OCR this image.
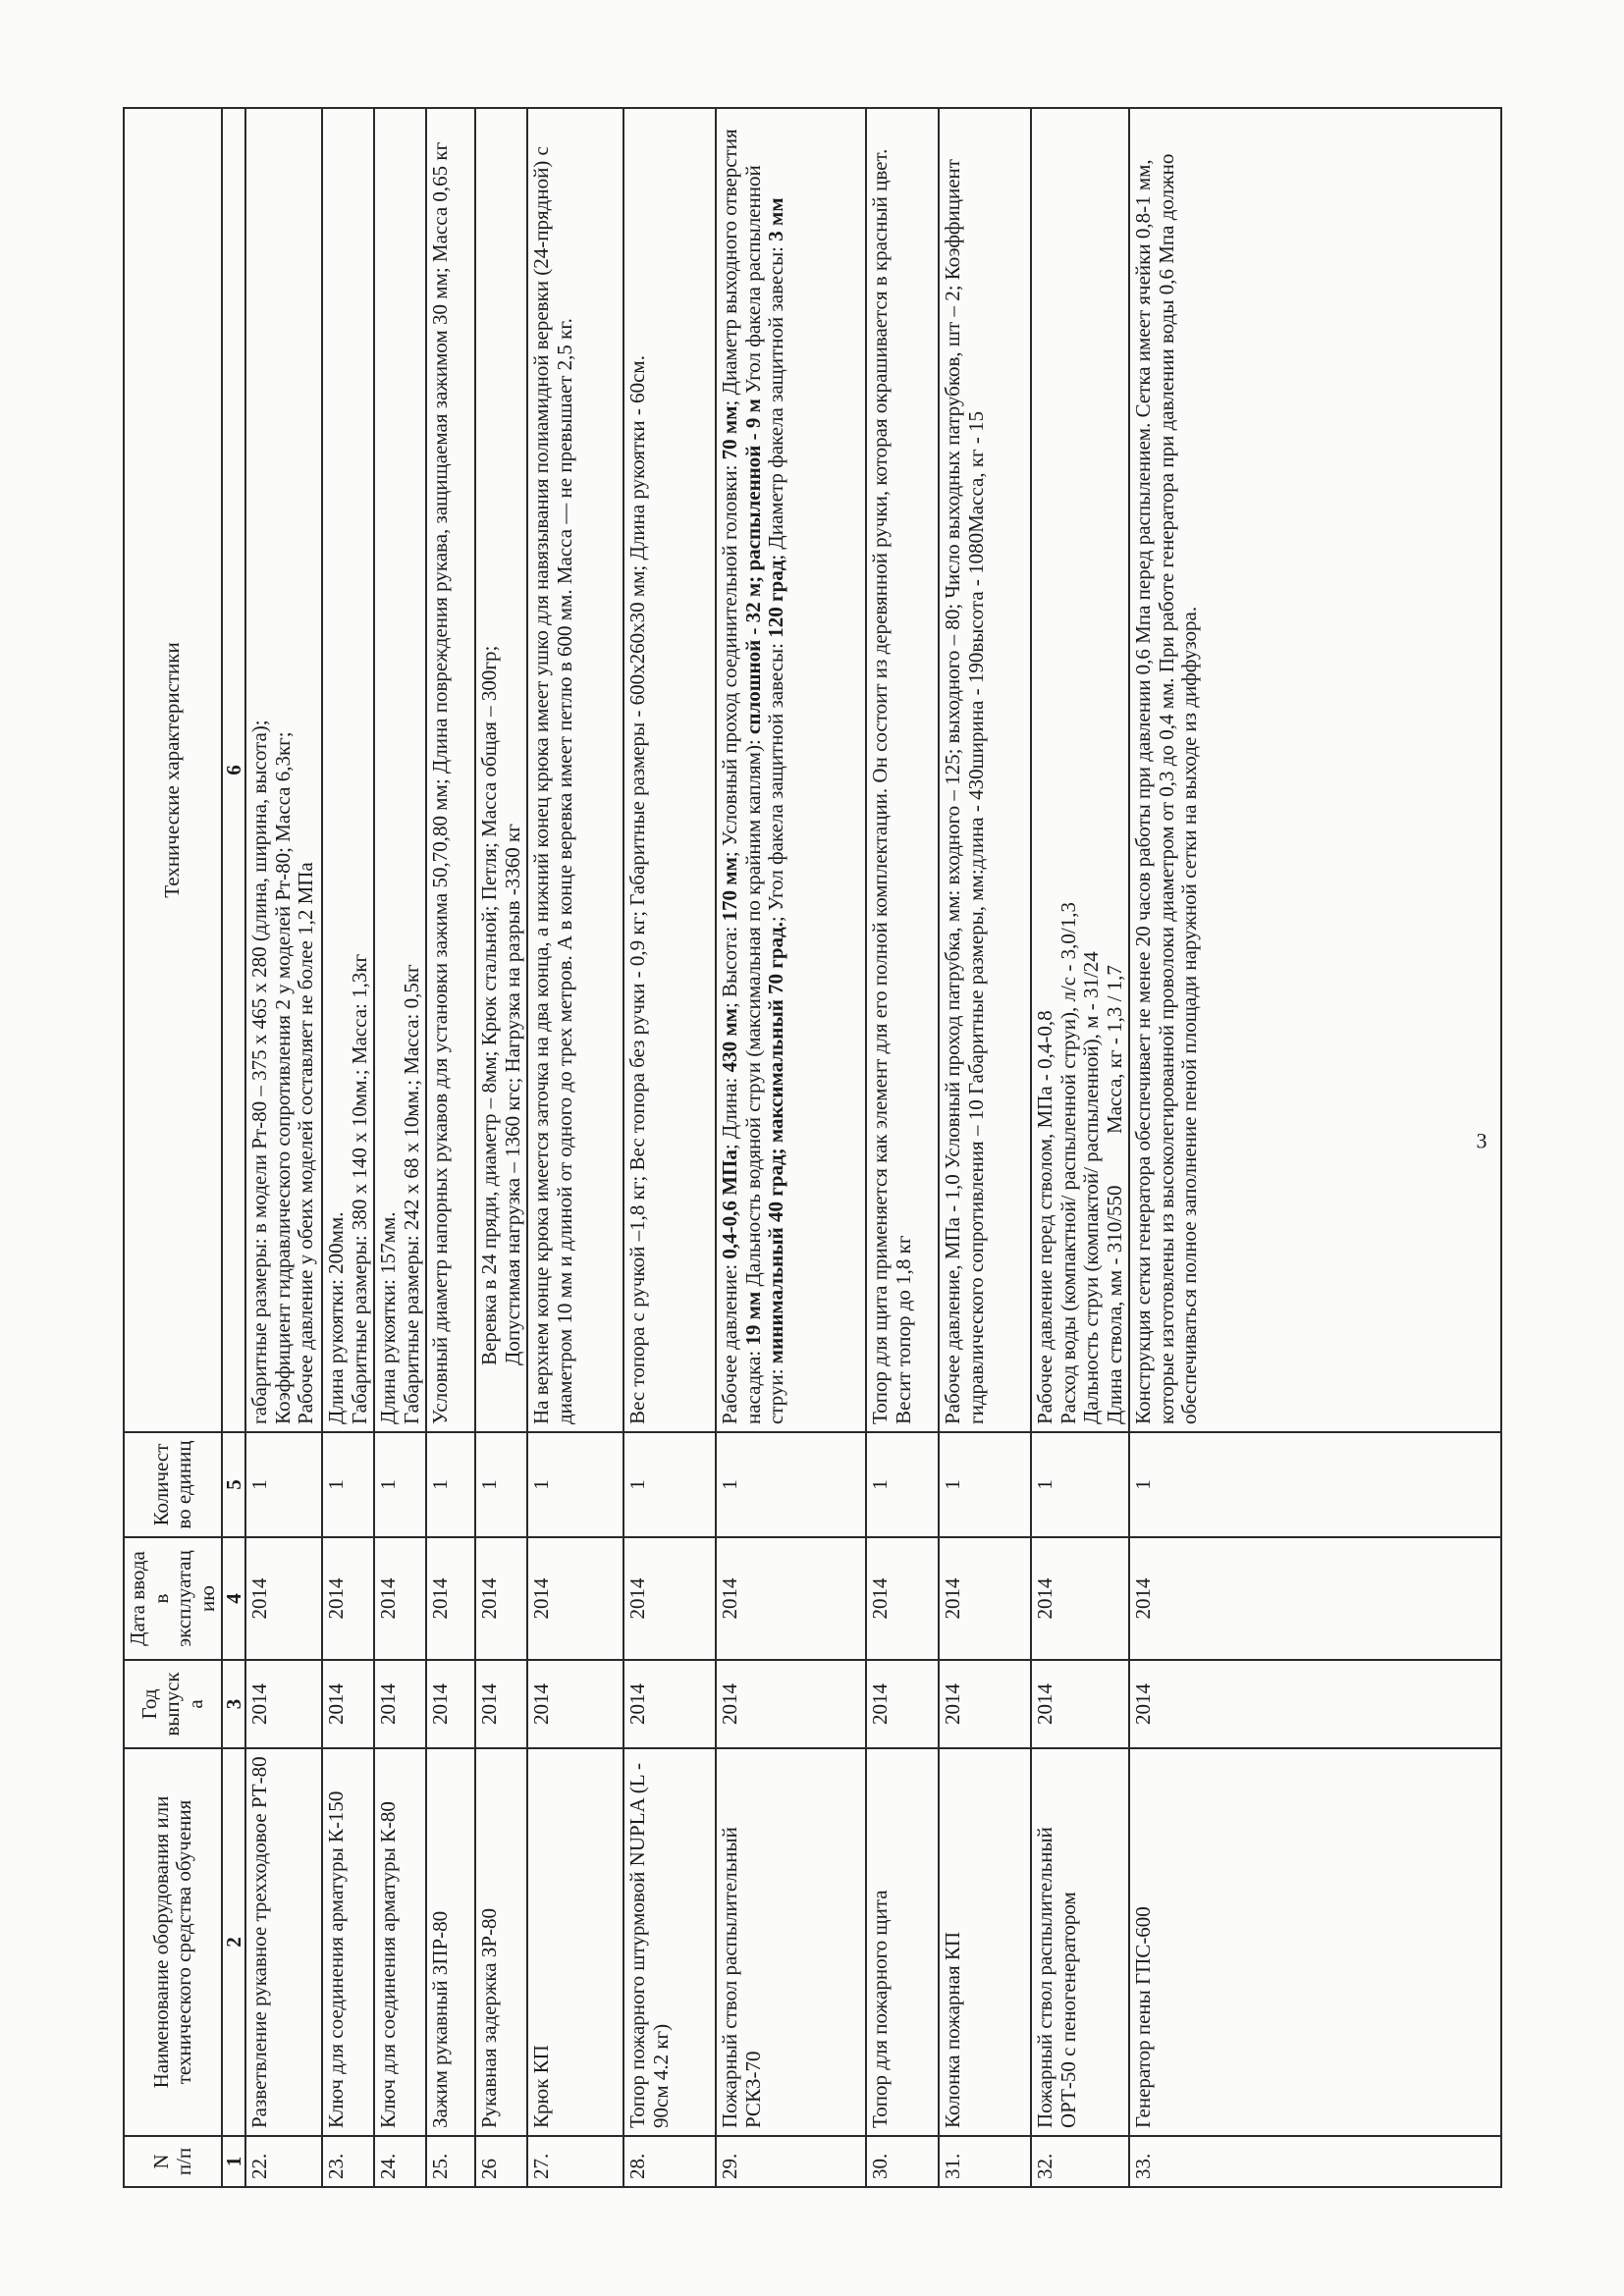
N п/п	Наименование оборудования или технического средства обучения	Год выпуска	Дата ввода в эксплуатацию	Количество единиц	Технические характеристики
1	2	3	4	5	6
22.	Разветвление рукавное трехходовое РТ-80	2014	2014	1	габаритные размеры: в модели Рт-80 – 375 х 465 х 280 (длина, ширина, высота); Коэффициент гидравлического сопротивления 2 у моделей Рт-80; Масса 6,3кг; Рабочее давление у обеих моделей составляет не более 1,2 МПа

23.	Ключ для соединения арматуры К-150	2014	2014	1	Длина рукоятки: 200мм. Габаритные размеры: 380 х 140 х 10мм.; Масса: 1,3кг

24.	Ключ для соединения арматуры К-80	2014	2014	1	Длина рукоятки: 157мм. Габаритные размеры: 242 х 68 х 10мм.; Масса: 0,5кг

25.	Зажим рукавный ЗПР-80	2014	2014	1	Условный диаметр напорных рукавов для установки зажима 50,70,80 мм; Длина повреждения рукава, защищаемая зажимом 30 мм; Масса 0,65 кг

26	Рукавная задержка ЗР-80	2014	2014	1	Веревка в 24 пряди, диаметр – 8мм; Крюк стальной; Петля; Масса общая – 300гр; Допустимая нагрузка – 1360 кгс; Нагрузка на разрыв -3360 кг

27.	Крюк КП	2014	2014	1	На верхнем конце крюка имеется заточка на два конца, а нижний конец крюка имеет ушко для навязывания полиамидной веревки (24-прядной) с диаметром 10 мм и длиной от одного до трех метров. А в конце веревка имеет петлю в 600 мм. Масса — не превышает 2,5 кг.
28.	Топор пожарного штурмовой NUPLA (L - 90см 4.2 кг)	2014	2014	1	Вес топора с ручкой –1,8 кг; Вес топора без ручки - 0,9 кг; Габаритные размеры - 600х260х30 мм; Длина рукоятки - 60см.
29.	Пожарный ствол распылительный РСКЗ-70	2014	2014	1	Рабочее давление: 0,4-0,6 МПа; Длина: 430 мм; Высота: 170 мм; Условный проход соединительной головки: 70 мм; Диаметр выходного отверстия насадка: 19 мм Дальность водяной струи (максимальная по крайним каплям): сплошной - 32 м; распыленной - 9 м Угол факела распыленной струи: минимальный 40 град; максимальный 70 град.; Угол факела защитной завесы: 120 град; Диаметр факела защитной завесы: 3 мм
30.	Топор для пожарного щита	2014	2014	1	Топор для щита применяется как элемент для его полной комплектации. Он состоит из деревянной ручки, которая окрашивается в красный цвет. Весит топор до 1,8 кг
31.	Колонка пожарная КП	2014	2014	1	Рабочее давление, МПа - 1,0 Условный проход патрубка, мм: входного – 125; выходного – 80; Число выходных патрубков, шт – 2; Коэффициент гидравлического сопротивления – 10 Габаритные размеры, мм:длина - 430ширина - 190высота - 1080Масса, кг - 15
32.	Пожарный ствол распылительный ОРТ-50 с пеногенератором	2014	2014	1	Рабочее давление перед стволом, МПа - 0,4-0,8 Расход воды (компактной/ распыленной струи), л/с - 3,0/1,3 Дальность струи (компактой/ распыленной), м - 31/24 Длина ствола, мм - 310/550          Масса, кг - 1,3 / 1,7

33.	Генератор пены ГПС-600	2014	2014	1	Конструкция сетки генератора обеспечивает не менее 20 часов работы при давлении 0,6 Мпа перед распылением. Сетка имеет ячейки 0,8-1 мм, которые изготовлены из высоколегированной проволоки диаметром от 0,3 до 0,4 мм. При работе генератора при давлении воды 0,6 Мпа должно обеспечиваться полное заполнение пеной площади наружной сетки на выходе из диффузора.	3
